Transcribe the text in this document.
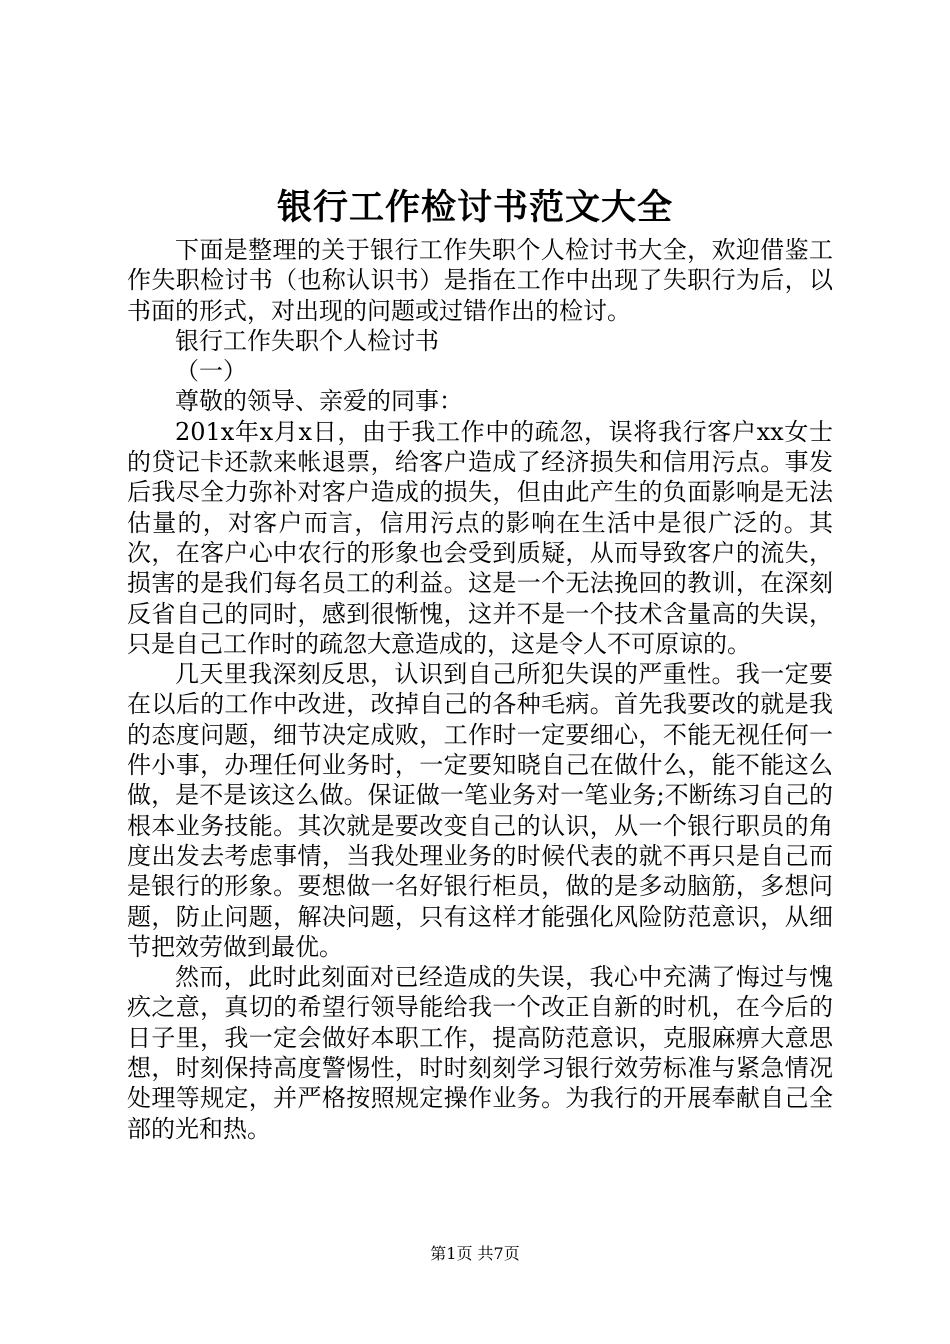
银行工作检讨书范文大全

下面是整理的关于银行工作失职个人检讨书大全，欢迎借鉴工作失职检讨书（也称认识书）是指在工作中出现了失职行为后，以书面的形式，对出现的问题或过错作出的检讨。

银行工作失职个人检讨书

（一）

尊敬的领导、亲爱的同事：

201x年x月x日，由于我工作中的疏忽，误将我行客户xx女士的贷记卡还款来帐退票，给客户造成了经济损失和信用污点。事发后我尽全力弥补对客户造成的损失，但由此产生的负面影响是无法估量的，对客户而言，信用污点的影响在生活中是很广泛的。其次，在客户心中农行的形象也会受到质疑，从而导致客户的流失，损害的是我们每名员工的利益。这是一个无法挽回的教训，在深刻反省自己的同时，感到很惭愧，这并不是一个技术含量高的失误，只是自己工作时的疏忽大意造成的，这是令人不可原谅的。

几天里我深刻反思，认识到自己所犯失误的严重性。我一定要在以后的工作中改进，改掉自己的各种毛病。首先我要改的就是我的态度问题，细节决定成败，工作时一定要细心，不能无视任何一件小事，办理任何业务时，一定要知晓自己在做什么，能不能这么做，是不是该这么做。保证做一笔业务对一笔业务;不断练习自己的根本业务技能。其次就是要改变自己的认识，从一个银行职员的角度出发去考虑事情，当我处理业务的时候代表的就不再只是自己而是银行的形象。要想做一名好银行柜员，做的是多动脑筋，多想问题，防止问题，解决问题，只有这样才能强化风险防范意识，从细节把效劳做到最优。

然而，此时此刻面对已经造成的失误，我心中充满了悔过与愧疚之意，真切的希望行领导能给我一个改正自新的时机，在今后的日子里，我一定会做好本职工作，提高防范意识，克服麻痹大意思想，时刻保持高度警惕性，时时刻刻学习银行效劳标准与紧急情况处理等规定，并严格按照规定操作业务。为我行的开展奉献自己全部的光和热。

第1页 共7页
